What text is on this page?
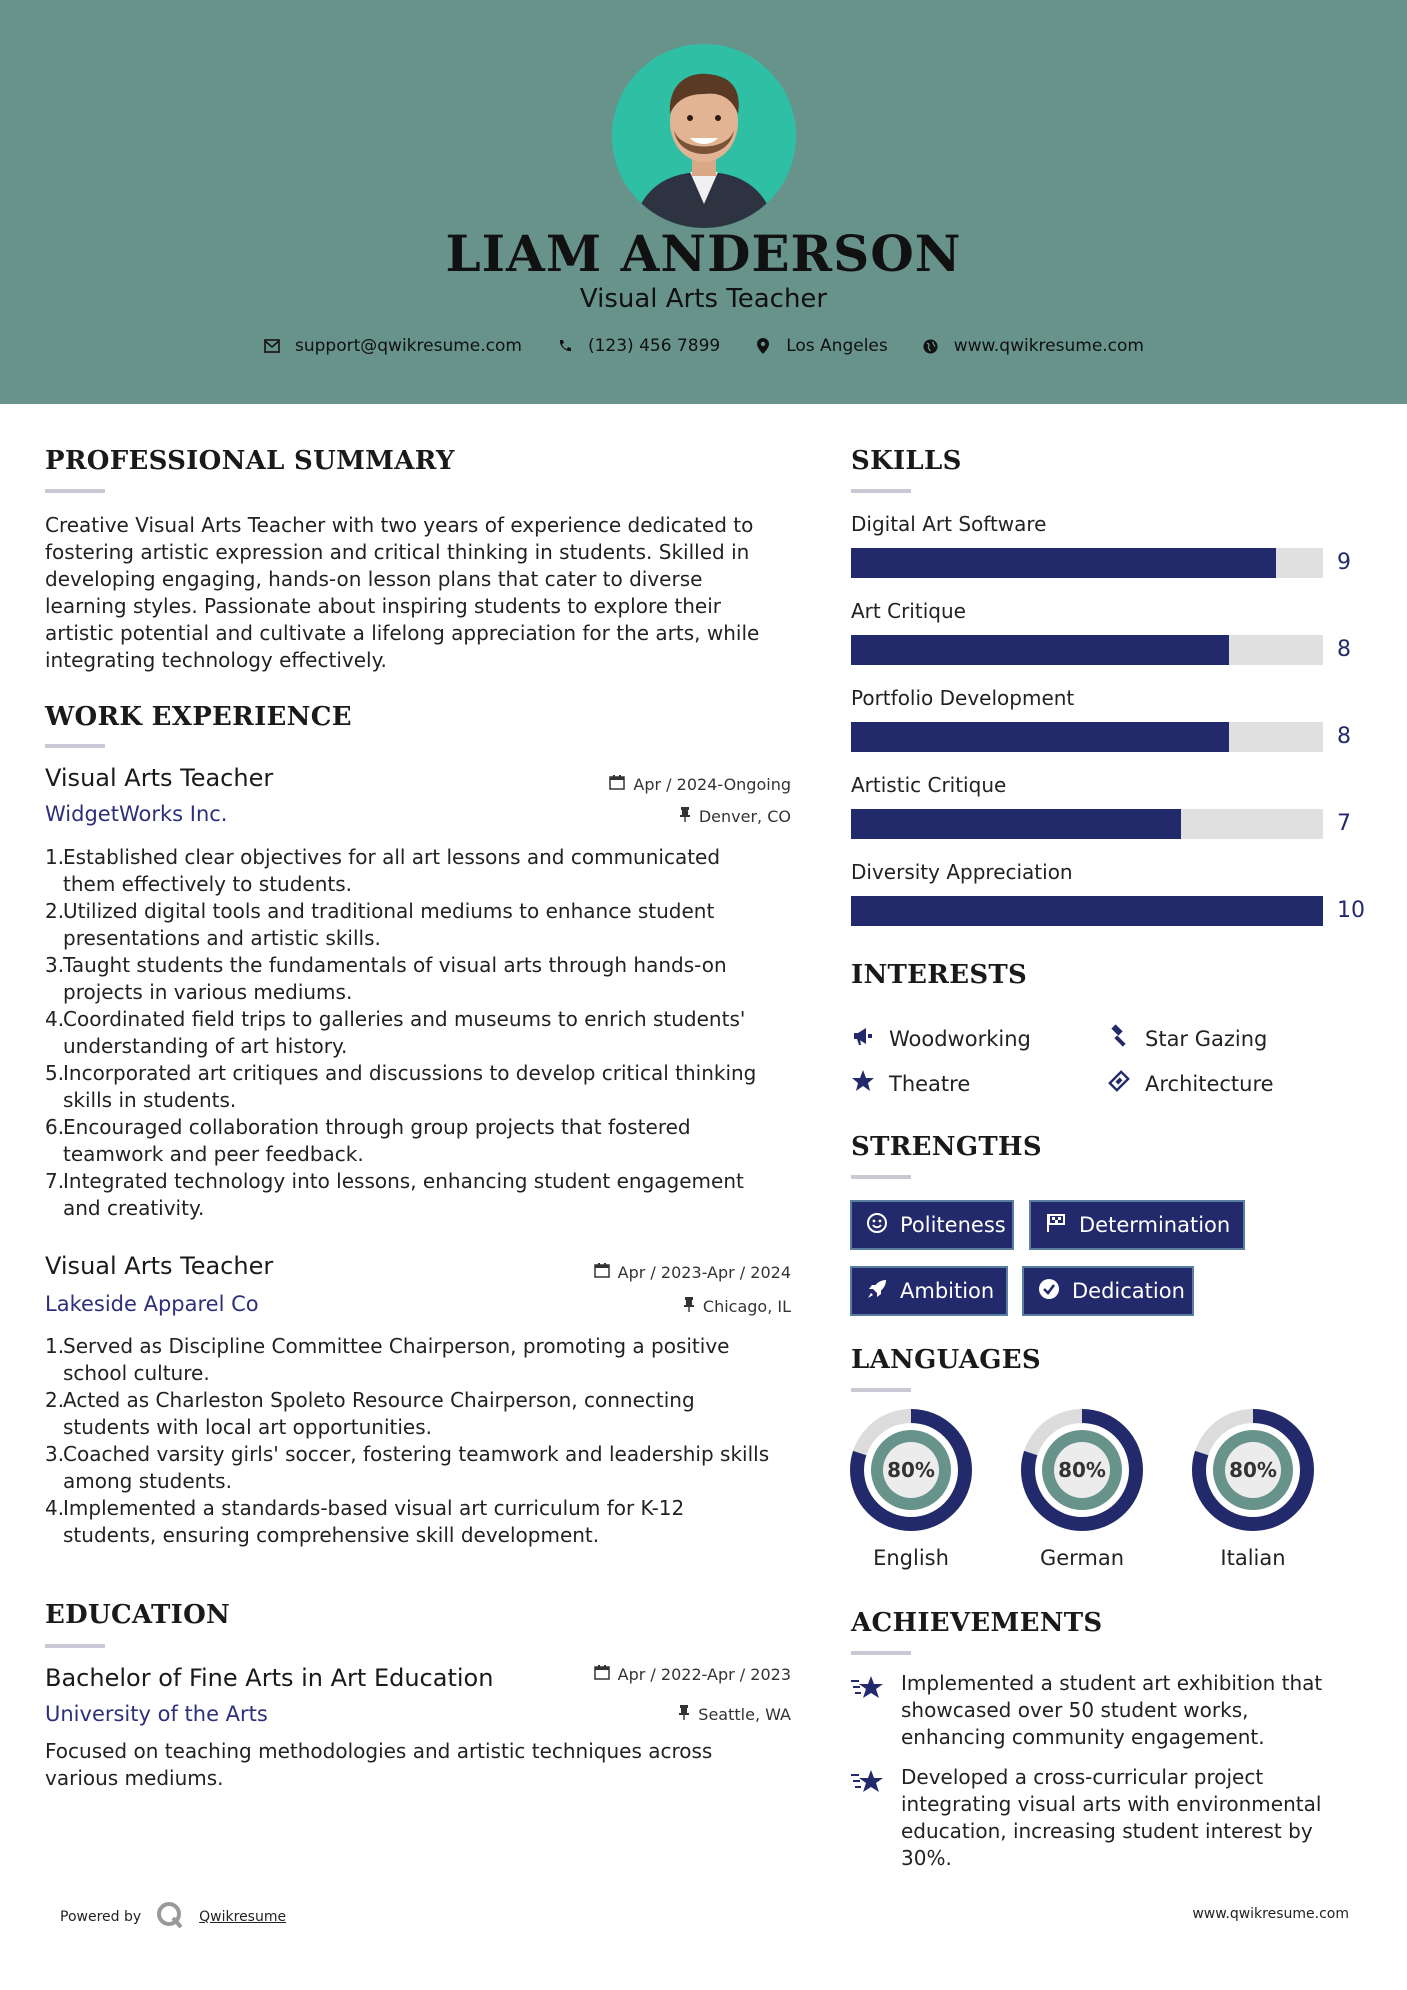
LIAM ANDERSON
Visual Arts Teacher
support@qwikresume.com	(123) 456 7899	Los Angeles	www.qwikresume.com
PROFESSIONAL SUMMARY
Creative Visual Arts Teacher with two years of experience dedicated to
fostering artistic expression and critical thinking in students. Skilled in
developing engaging, hands-on lesson plans that cater to diverse
learning styles. Passionate about inspiring students to explore their
artistic potential and cultivate a lifelong appreciation for the arts, while
integrating technology effectively.
WORK EXPERIENCE
Visual Arts Teacher	Apr / 2024-Ongoing
WidgetWorks Inc.	Denver, CO
1.
Established clear objectives for all art lessons and communicated
them effectively to students.
2.
Utilized digital tools and traditional mediums to enhance student
presentations and artistic skills.
3.
Taught students the fundamentals of visual arts through hands-on
projects in various mediums.
4.
Coordinated field trips to galleries and museums to enrich students'
understanding of art history.
5.
Incorporated art critiques and discussions to develop critical thinking
skills in students.
6.
Encouraged collaboration through group projects that fostered
teamwork and peer feedback.
7.
Integrated technology into lessons, enhancing student engagement
and creativity.
Visual Arts Teacher	Apr / 2023-Apr / 2024
Lakeside Apparel Co	Chicago, IL
1.
Served as Discipline Committee Chairperson, promoting a positive
school culture.
2.
Acted as Charleston Spoleto Resource Chairperson, connecting
students with local art opportunities.
3.
Coached varsity girls' soccer, fostering teamwork and leadership skills
among students.
4.
Implemented a standards-based visual art curriculum for K-12
students, ensuring comprehensive skill development.
EDUCATION
Bachelor of Fine Arts in Art Education	Apr / 2022-Apr / 2023
University of the Arts	Seattle, WA
Focused on teaching methodologies and artistic techniques across
various mediums.
SKILLS
Digital Art Software
9
Art Critique
8
Portfolio Development
8
Artistic Critique
7
Diversity Appreciation
10
INTERESTS
Woodworking	Star Gazing
Theatre	Architecture
STRENGTHS
Politeness	Determination
Ambition	Dedication
LANGUAGES
80%
English
80%
German
80%
Italian
ACHIEVEMENTS
Implemented a student art exhibition that
showcased over 50 student works,
enhancing community engagement.
Developed a cross-curricular project
integrating visual arts with environmental
education, increasing student interest by
30%.
Powered by	Qwikresume	www.qwikresume.com
